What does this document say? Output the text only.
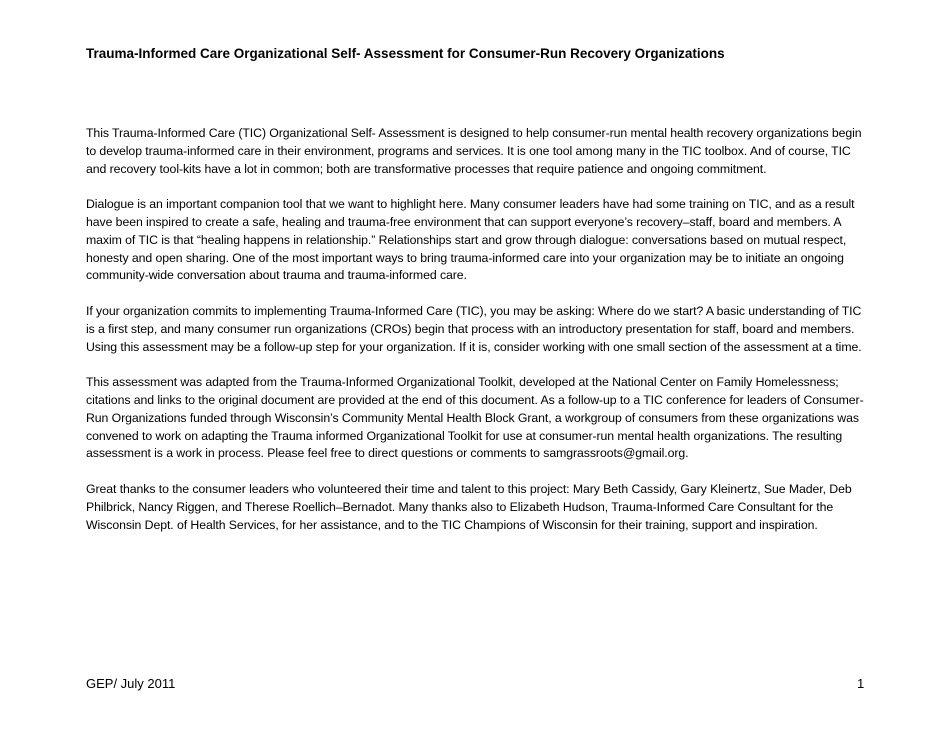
Trauma-Informed Care Organizational Self- Assessment for Consumer-Run Recovery Organizations

This Trauma-Informed Care (TIC) Organizational Self- Assessment is designed to help consumer-run mental health recovery organizations begin to develop trauma-informed care in their environment, programs and services. It is one tool among many in the TIC toolbox. And of course, TIC and recovery tool-kits have a lot in common; both are transformative processes that require patience and ongoing commitment.

Dialogue is an important companion tool that we want to highlight here. Many consumer leaders have had some training on TIC, and as a result have been inspired to create a safe, healing and trauma-free environment that can support everyone’s recovery–staff, board and members. A maxim of TIC is that “healing happens in relationship.” Relationships start and grow through dialogue: conversations based on mutual respect, honesty and open sharing. One of the most important ways to bring trauma-informed care into your organization may be to initiate an ongoing community-wide conversation about trauma and trauma-informed care.

If your organization commits to implementing Trauma-Informed Care (TIC), you may be asking: Where do we start? A basic understanding of TIC is a first step, and many consumer run organizations (CROs) begin that process with an introductory presentation for staff, board and members. Using this assessment may be a follow-up step for your organization. If it is, consider working with one small section of the assessment at a time.

This assessment was adapted from the Trauma-Informed Organizational Toolkit, developed at the National Center on Family Homelessness; citations and links to the original document are provided at the end of this document. As a follow-up to a TIC conference for leaders of Consumer-Run Organizations funded through Wisconsin’s Community Mental Health Block Grant, a workgroup of consumers from these organizations was convened to work on adapting the Trauma informed Organizational Toolkit for use at consumer-run mental health organizations. The resulting assessment is a work in process. Please feel free to direct questions or comments to samgrassroots@gmail.org.

Great thanks to the consumer leaders who volunteered their time and talent to this project: Mary Beth Cassidy, Gary Kleinertz, Sue Mader, Deb Philbrick, Nancy Riggen, and Therese Roellich–Bernadot. Many thanks also to Elizabeth Hudson, Trauma-Informed Care Consultant for the Wisconsin Dept. of Health Services, for her assistance, and to the TIC Champions of Wisconsin for their training, support and inspiration.

GEP/ July 2011	1
